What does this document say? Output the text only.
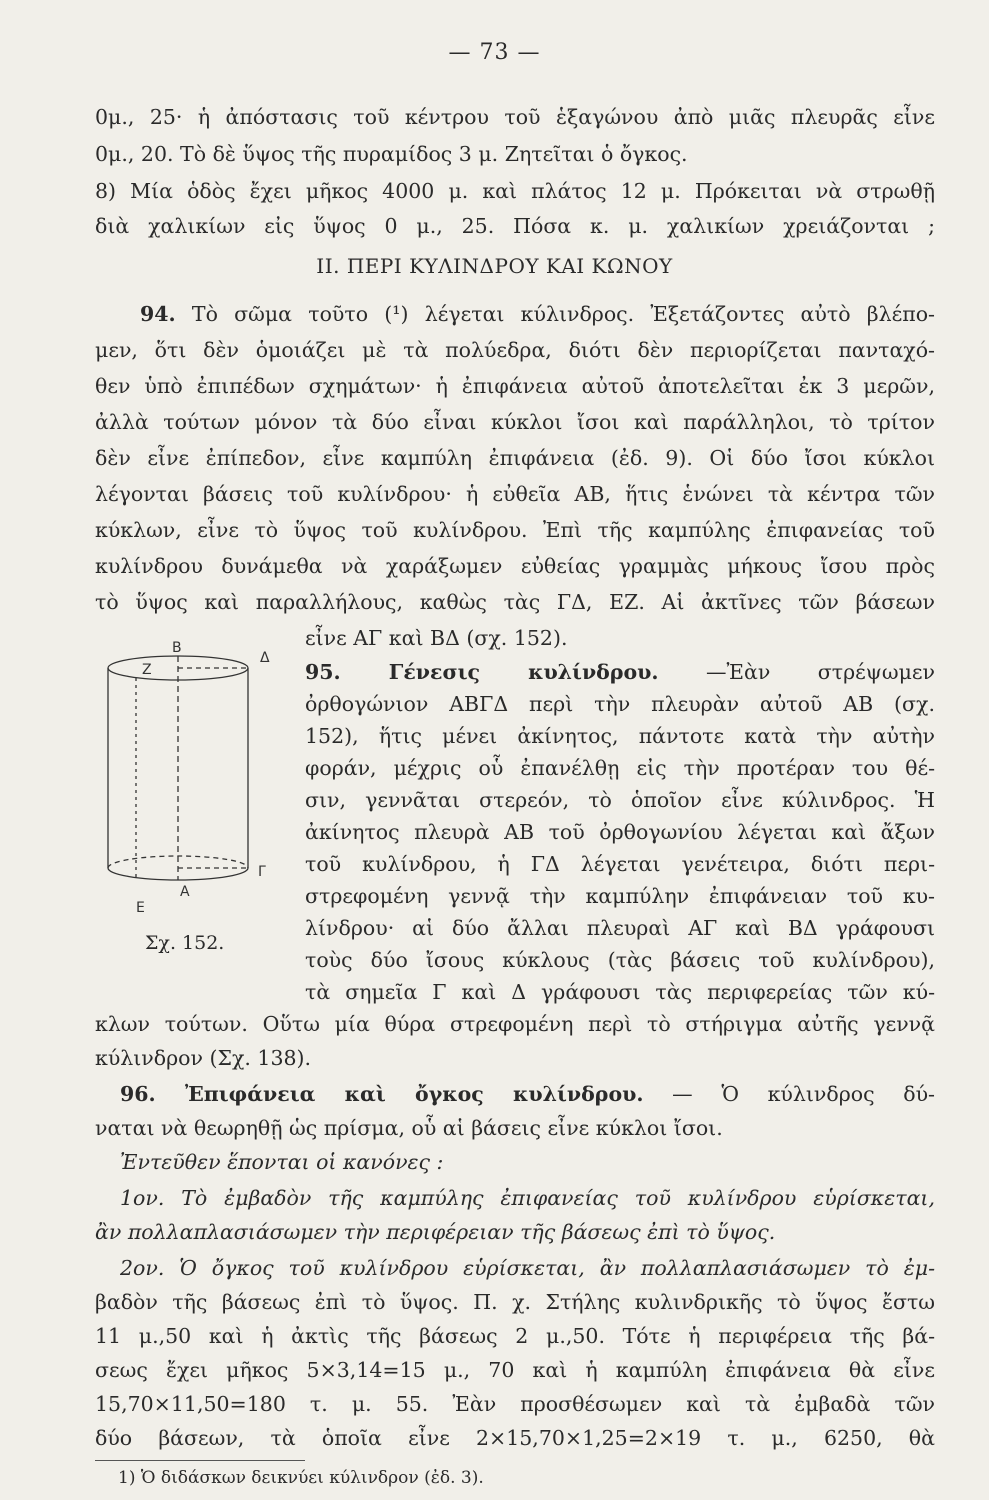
— 73 —
0μ., 25· ἡ ἀπόστασις τοῦ κέντρου τοῦ ἑξαγώνου ἀπὸ μιᾶς πλευρᾶς εἶνε
0μ., 20. Τὸ δὲ ὕψος τῆς πυραμίδος 3 μ. Ζητεῖται ὁ ὄγκος.
8) Μία ὁδὸς ἔχει μῆκος 4000 μ. καὶ πλάτος 12 μ. Πρόκειται νὰ στρωθῇ
διὰ χαλικίων εἰς ὕψος 0 μ., 25. Πόσα κ. μ. χαλικίων χρειάζονται ;
II. ΠΕΡΙ ΚΥΛΙΝΔΡΟΥ ΚΑΙ ΚΩΝΟΥ
94. Τὸ σῶμα τοῦτο (¹) λέγεται κύλινδρος. Ἐξετάζοντες αὐτὸ βλέπο-
μεν, ὅτι δὲν ὁμοιάζει μὲ τὰ πολύεδρα, διότι δὲν περιορίζεται πανταχό-
θεν ὑπὸ ἐπιπέδων σχημάτων· ἡ ἐπιφάνεια αὐτοῦ ἀποτελεῖται ἐκ 3 μερῶν,
ἀλλὰ τούτων μόνον τὰ δύο εἶναι κύκλοι ἴσοι καὶ παράλληλοι, τὸ τρίτον
δὲν εἶνε ἐπίπεδον, εἶνε καμπύλη ἐπιφάνεια (ἐδ. 9). Οἱ δύο ἴσοι κύκλοι
λέγονται βάσεις τοῦ κυλίνδρου· ἡ εὐθεῖα ΑΒ, ἥτις ἑνώνει τὰ κέντρα τῶν
κύκλων, εἶνε τὸ ὕψος τοῦ κυλίνδρου. Ἐπὶ τῆς καμπύλης ἐπιφανείας τοῦ
κυλίνδρου δυνάμεθα νὰ χαράξωμεν εὐθείας γραμμὰς μήκους ἴσου πρὸς
τὸ ὕψος καὶ παραλλήλους, καθὼς τὰς ΓΔ, ΕΖ. Αἱ ἀκτῖνες τῶν βάσεων
εἶνε ΑΓ καὶ ΒΔ (σχ. 152).
95. Γένεσις κυλίνδρου. —Ἐὰν στρέψωμεν
ὀρθογώνιον ΑΒΓΔ περὶ τὴν πλευρὰν αὐτοῦ ΑΒ (σχ.
152), ἥτις μένει ἀκίνητος, πάντοτε κατὰ τὴν αὐτὴν
φοράν, μέχρις οὗ ἐπανέλθῃ εἰς τὴν προτέραν του θέ-
σιν, γεννᾶται στερεόν, τὸ ὁποῖον εἶνε κύλινδρος. Ἡ
ἀκίνητος πλευρὰ ΑΒ τοῦ ὀρθογωνίου λέγεται καὶ ἄξων
τοῦ κυλίνδρου, ἡ ΓΔ λέγεται γενέτειρα, διότι περι-
στρεφομένη γεννᾷ τὴν καμπύλην ἐπιφάνειαν τοῦ κυ-
λίνδρου· αἱ δύο ἄλλαι πλευραὶ ΑΓ καὶ ΒΔ γράφουσι
τοὺς δύο ἴσους κύκλους (τὰς βάσεις τοῦ κυλίνδρου),
τὰ σημεῖα Γ καὶ Δ γράφουσι τὰς περιφερείας τῶν κύ-
B
Z
Δ
Γ
A
E
Σχ. 152.
κλων τούτων. Οὕτω μία θύρα στρεφομένη περὶ τὸ στήριγμα αὐτῆς γεννᾷ
κύλινδρον (Σχ. 138).
96. Ἐπιφάνεια καὶ ὄγκος κυλίνδρου. — Ὁ κύλινδρος δύ-
ναται νὰ θεωρηθῇ ὡς πρίσμα, οὗ αἱ βάσεις εἶνε κύκλοι ἴσοι.
Ἐντεῦθεν ἕπονται οἱ κανόνες :
1ον. Τὸ ἐμβαδὸν τῆς καμπύλης ἐπιφανείας τοῦ κυλίνδρου εὑρίσκεται,
ἂν πολλαπλασιάσωμεν τὴν περιφέρειαν τῆς βάσεως ἐπὶ τὸ ὕψος.
2ον. Ὁ ὄγκος τοῦ κυλίνδρου εὑρίσκεται, ἂν πολλαπλασιάσωμεν τὸ ἐμ-
βαδὸν τῆς βάσεως ἐπὶ τὸ ὕψος. Π. χ. Στήλης κυλινδρικῆς τὸ ὕψος ἔστω
11 μ.,50 καὶ ἡ ἀκτὶς τῆς βάσεως 2 μ.,50. Τότε ἡ περιφέρεια τῆς βά-
σεως ἔχει μῆκος 5×3,14=15 μ., 70 καὶ ἡ καμπύλη ἐπιφάνεια θὰ εἶνε
15,70×11,50=180 τ. μ. 55. Ἐὰν προσθέσωμεν καὶ τὰ ἐμβαδὰ τῶν
δύο βάσεων, τὰ ὁποῖα εἶνε 2×15,70×1,25=2×19 τ. μ., 6250, θὰ
1) Ὁ διδάσκων δεικνύει κύλινδρον (ἐδ. 3).
